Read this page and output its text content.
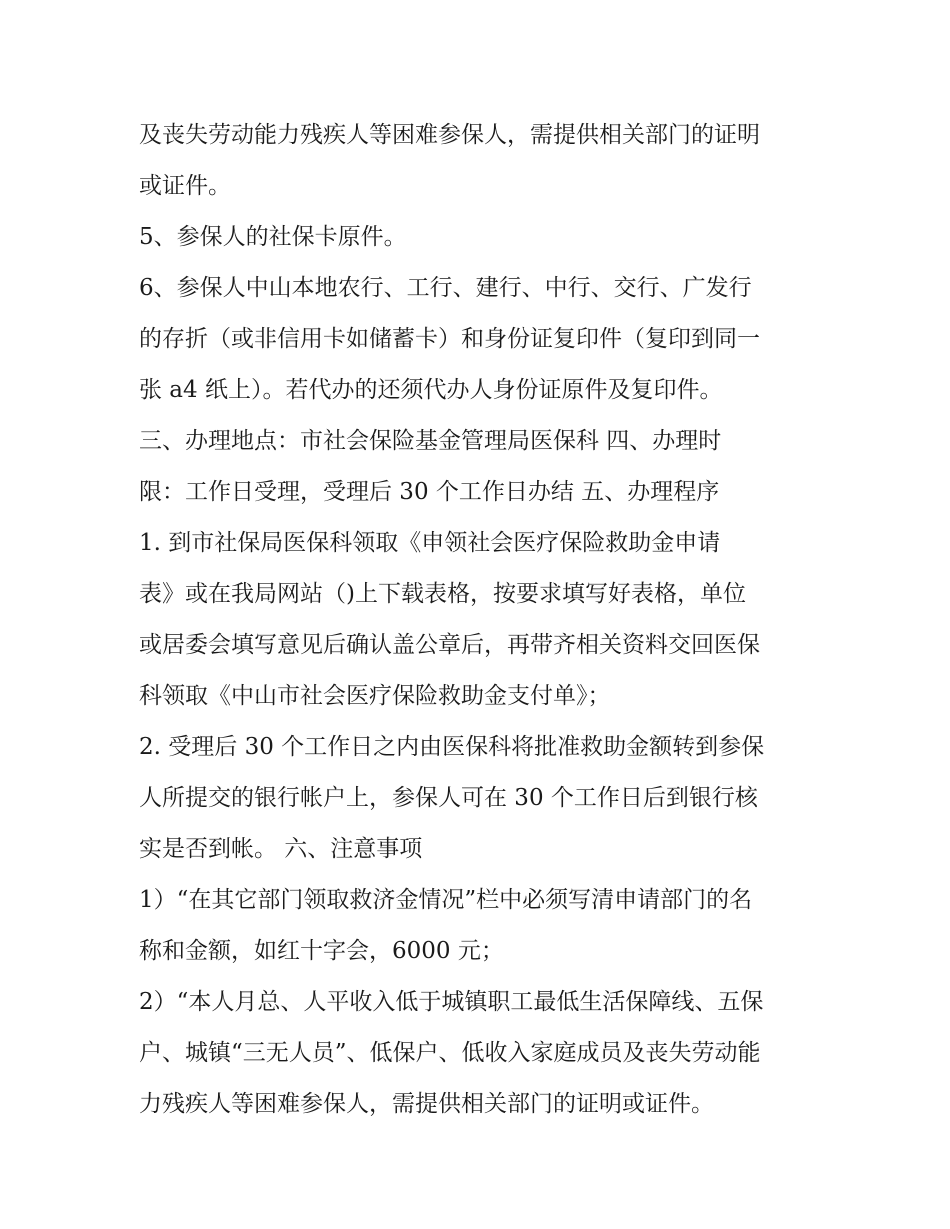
及丧失劳动能力残疾人等困难参保人，需提供相关部门的证明
或证件。
5、参保人的社保卡原件。
6、参保人中山本地农行、工行、建行、中行、交行、广发行
的存折（或非信用卡如储蓄卡）和身份证复印件（复印到同一
张 a4 纸上）。若代办的还须代办人身份证原件及复印件。
三、办理地点：市社会保险基金管理局医保科 四、办理时
限：工作日受理，受理后 30 个工作日办结 五、办理程序
1. 到市社保局医保科领取《申领社会医疗保险救助金申请
表》或在我局网站（)上下载表格，按要求填写好表格，单位
或居委会填写意见后确认盖公章后，再带齐相关资料交回医保
科领取《中山市社会医疗保险救助金支付单》；
2. 受理后 30 个工作日之内由医保科将批准救助金额转到参保
人所提交的银行帐户上，参保人可在 30 个工作日后到银行核
实是否到帐。 六、注意事项
1）“在其它部门领取救济金情况”栏中必须写清申请部门的名
称和金额，如红十字会，6000 元；
2）“本人月总、人平收入低于城镇职工最低生活保障线、五保
户、城镇“三无人员”、低保户、低收入家庭成员及丧失劳动能
力残疾人等困难参保人，需提供相关部门的证明或证件。
